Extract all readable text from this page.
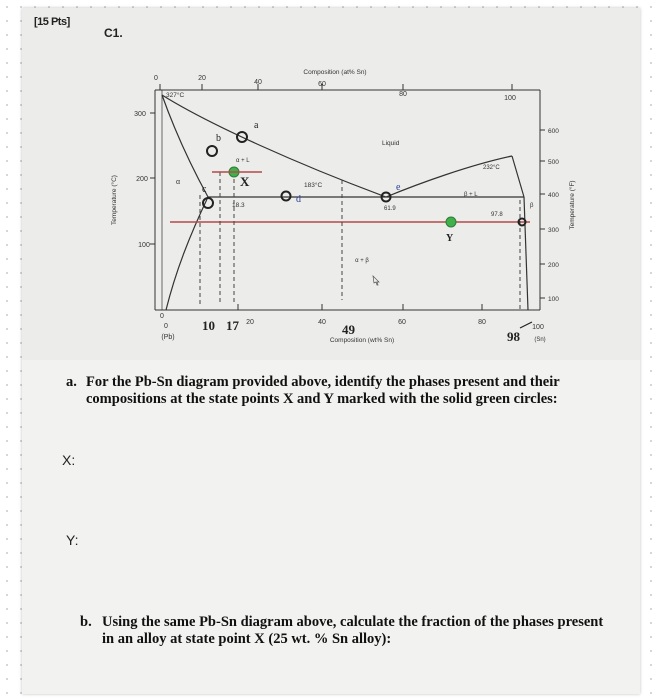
[15 Pts]
C1.
Composition (at% Sn)
0	20
40	60
80
100
Temperature (°C)
300
200
100
0
(Pb)
0
20	40	60	80
100
(Sn)
Composition (wt% Sn)
600
500
400
300
200
100
Temperature (°F)
327°C
Liquid
232°C
183°C
18.3	61.9
97.8
α
β
α + L
β + L
α + β
a
b
c
d
e
X
Y
10 17	49	98
a. For the Pb-Sn diagram provided above, identify the phases present and their compositions at the state points X and Y marked with the solid green circles:
X:
Y:
b. Using the same Pb-Sn diagram above, calculate the fraction of the phases present in an alloy at state point X (25 wt. % Sn alloy):
